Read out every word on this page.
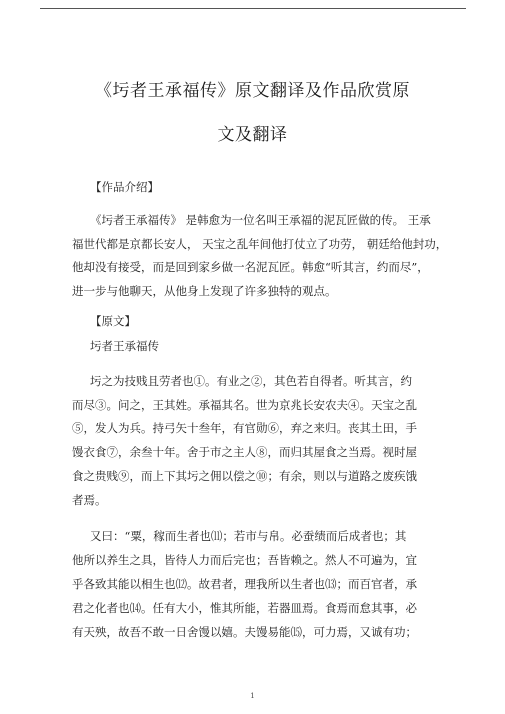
《圬者王承福传》原文翻译及作品欣赏原
文及翻译
【作品介绍】
《圬者王承福传》 是韩愈为一位名叫王承福的泥瓦匠做的传。 王承
福世代都是京都长安人， 天宝之乱年间他打仗立了功劳， 朝廷给他封功，
他却没有接受，而是回到家乡做一名泥瓦匠。韩愈“听其言，约而尽”，
进一步与他聊天，从他身上发现了许多独特的观点。
【原文】
圬者王承福传
圬之为技贱且劳者也①。有业之②，其色若自得者。听其言，约
而尽③。问之，王其姓。承福其名。世为京兆长安农夫④。天宝之乱
⑤，发人为兵。持弓矢十叁年，有官勋⑥，弃之来归。丧其土田，手
馒衣食⑦，余叁十年。舍于市之主人⑧，而归其屋食之当焉。视时屋
食之贵贱⑨，而上下其圬之佣以偿之⑩；有余，则以与道路之废疾饿
者焉。
又曰：“粟，稼而生者也⑾；若市与帛。必蚕绩而后成者也；其
他所以养生之具，皆待人力而后完也；吾皆赖之。然人不可遍为，宜
乎各致其能以相生也⑿。故君者，理我所以生者也⒀；而百官者，承
君之化者也⒁。任有大小，惟其所能，若器皿焉。食焉而怠其事，必
有天殃，故吾不敢一日舍馒以嬉。夫馒易能⒂，可力焉，又诚有功；
1
